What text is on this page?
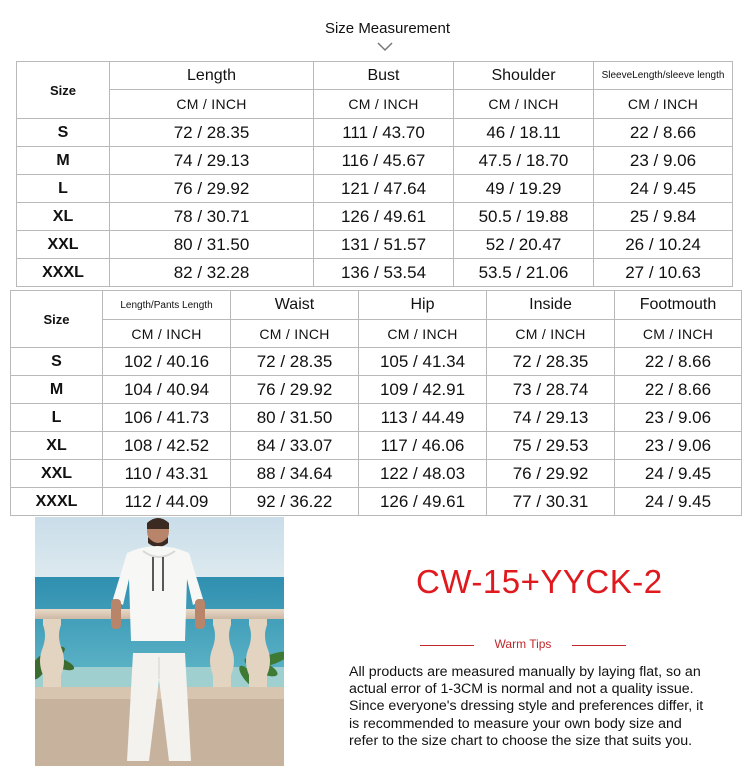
Size Measurement
Size	Length	Bust	Shoulder	SleeveLength/sleeve length
	CM / INCH	CM / INCH	CM / INCH	CM / INCH
S	72 / 28.35	111 / 43.70	46 / 18.11	22 / 8.66
M	74 / 29.13	116 / 45.67	47.5 / 18.70	23 / 9.06
L	76 / 29.92	121 / 47.64	49 / 19.29	24 / 9.45
XL	78 / 30.71	126 / 49.61	50.5 / 19.88	25 / 9.84
XXL	80 / 31.50	131 / 51.57	52 / 20.47	26 / 10.24
XXXL	82 / 32.28	136 / 53.54	53.5 / 21.06	27 / 10.63
Size	Length/Pants Length	Waist	Hip	Inside	Footmouth
	CM / INCH	CM / INCH	CM / INCH	CM / INCH	CM / INCH
S	102 / 40.16	72 / 28.35	105 / 41.34	72 / 28.35	22 / 8.66
M	104 / 40.94	76 / 29.92	109 / 42.91	73 / 28.74	22 / 8.66
L	106 / 41.73	80 / 31.50	113 / 44.49	74 / 29.13	23 / 9.06
XL	108 / 42.52	84 / 33.07	117 / 46.06	75 / 29.53	23 / 9.06
XXL	110 / 43.31	88 / 34.64	122 / 48.03	76 / 29.92	24 / 9.45
XXXL	112 / 44.09	92 / 36.22	126 / 49.61	77 / 30.31	24 / 9.45
CW-15+YYCK-2
Warm Tips
All products are measured manually by laying flat, so an
actual error of 1-3CM is normal and not a quality issue.
Since everyone's dressing style and preferences differ, it
is recommended to measure your own body size and
refer to the size chart to choose the size that suits you.
